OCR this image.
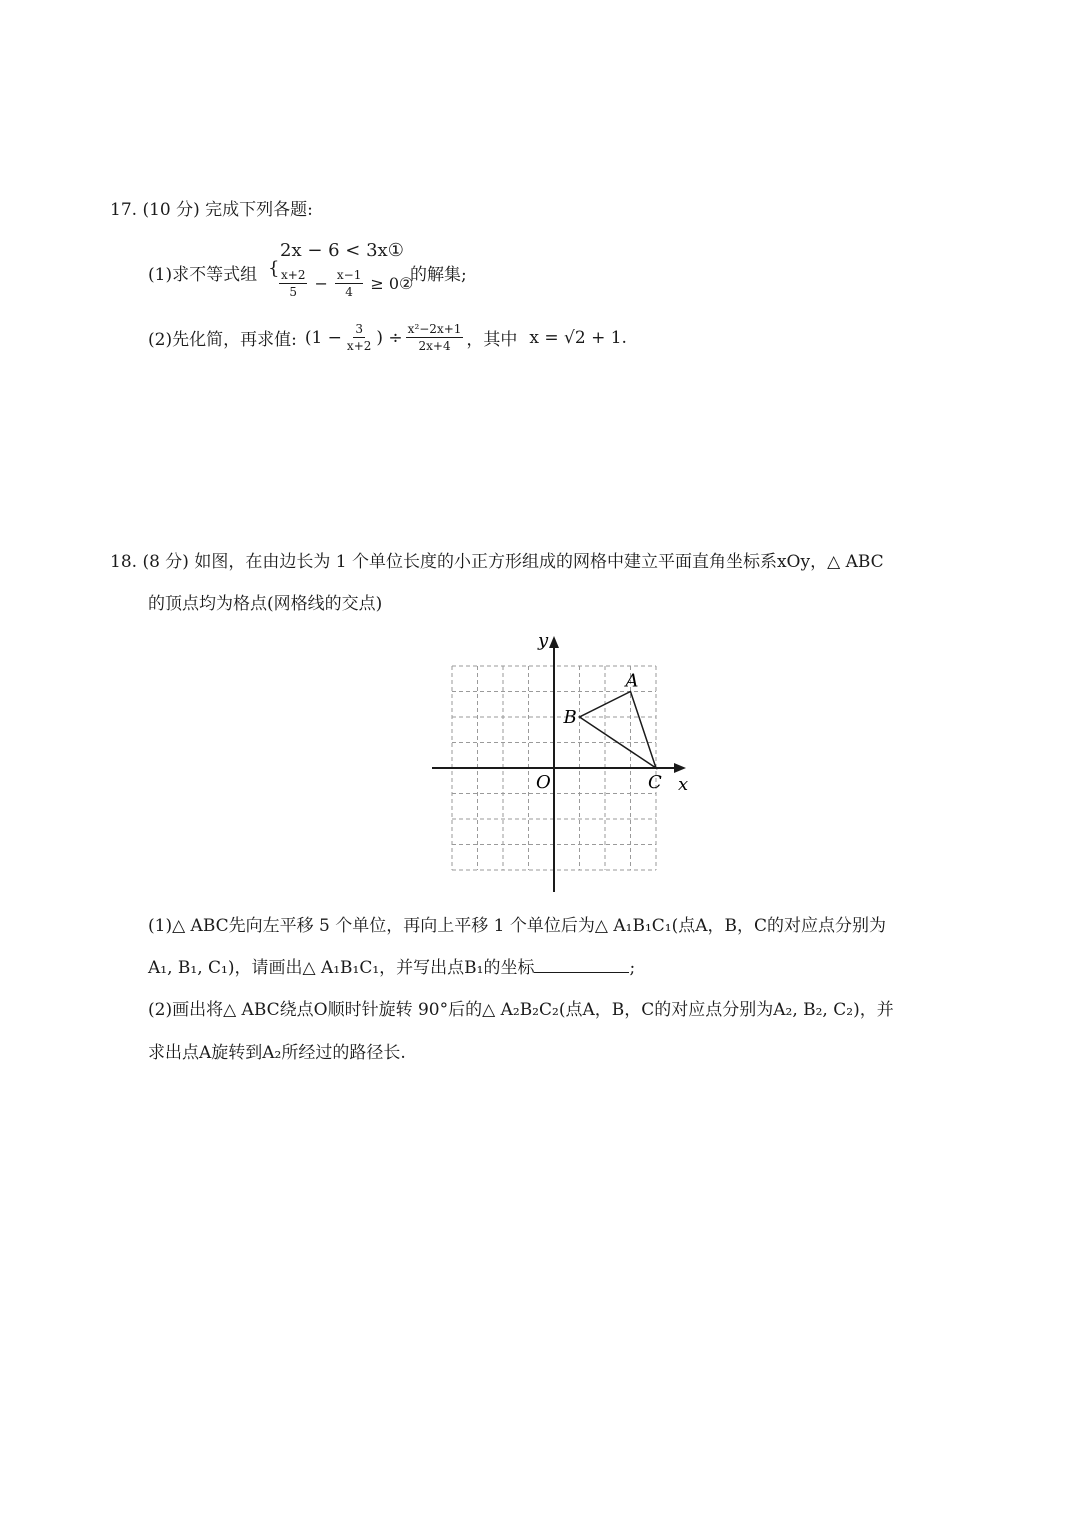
17. (10 分) 完成下列各题:
(1)求不等式组 {
2x − 6 < 3x①
$\frac{x+2}{5} - \frac{x-1}{4}$ ≥ 0②
的解集;
(2)先化简，再求值: ($1 - \frac{3}{x+2}$ ) ÷ $\frac{\text{x²−2x+1}}{2x+4}$ ，其中 x = √2 + 1.
18. (8 分) 如图，在由边长为 1 个单位长度的小正方形组成的网格中建立平面直角坐标系xOy，△ ABC
的顶点均为格点(网格线的交点)
y
x
O
A
B
C
(1)△ ABC先向左平移 5 个单位，再向上平移 1 个单位后为△ A₁B₁C₁(点A，B，C的对应点分别为
A₁, B₁, C₁)，请画出△ A₁B₁C₁，并写出点B₁的坐标	;
(2)画出将△ ABC绕点O顺时针旋转 90°后的△ A₂B₂C₂(点A，B，C的对应点分别为A₂, B₂, C₂)，并
求出点A旋转到A₂所经过的路径长.
